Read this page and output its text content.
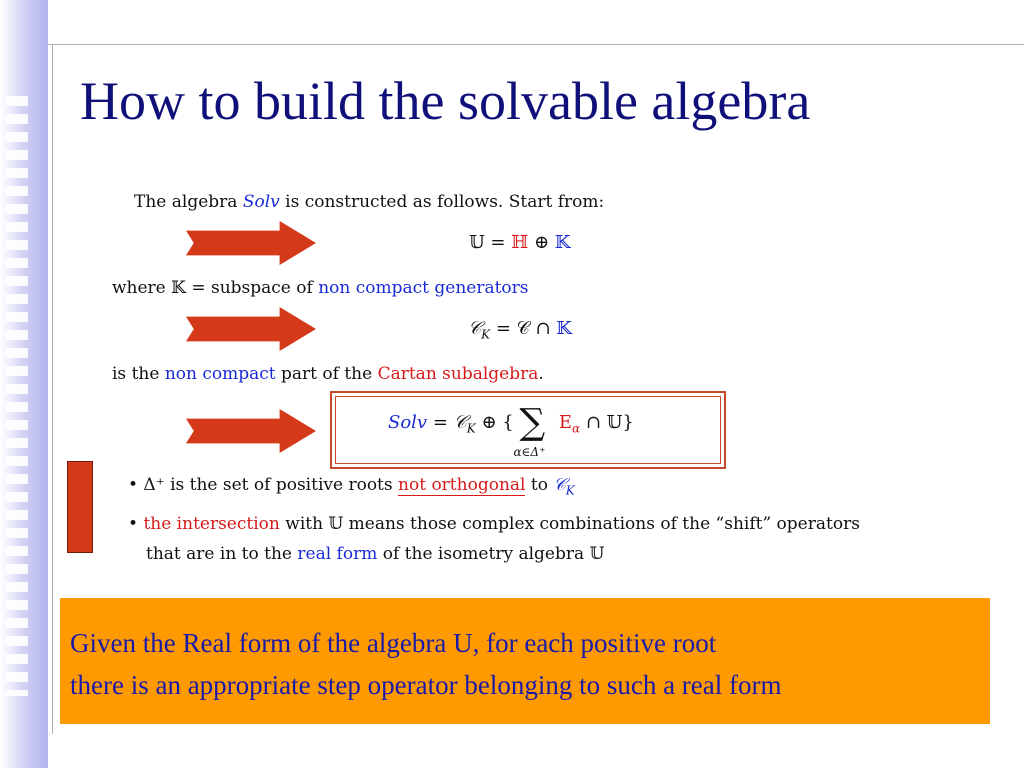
How to build the solvable algebra
The algebra Solv is constructed as follows. Start from:
𝕌 = ℍ ⊕ 𝕂
where 𝕂 = subspace of non compact generators
𝒞$_K$ = 𝒞 ∩ 𝕂
is the non compact part of the Cartan subalgebra.
Solv = 𝒞$_K$ ⊕ { ∑
α∈Δ⁺
$E_\alpha$ ∩ 𝕌}
• Δ⁺ is the set of positive roots not orthogonal to 𝒞$_K$
• the intersection with 𝕌 means those complex combinations of the “shift” operators
that are in to the real form of the isometry algebra 𝕌

Given the Real form of the algebra U, for each positive root

there is an appropriate step operator belonging to such a real form
